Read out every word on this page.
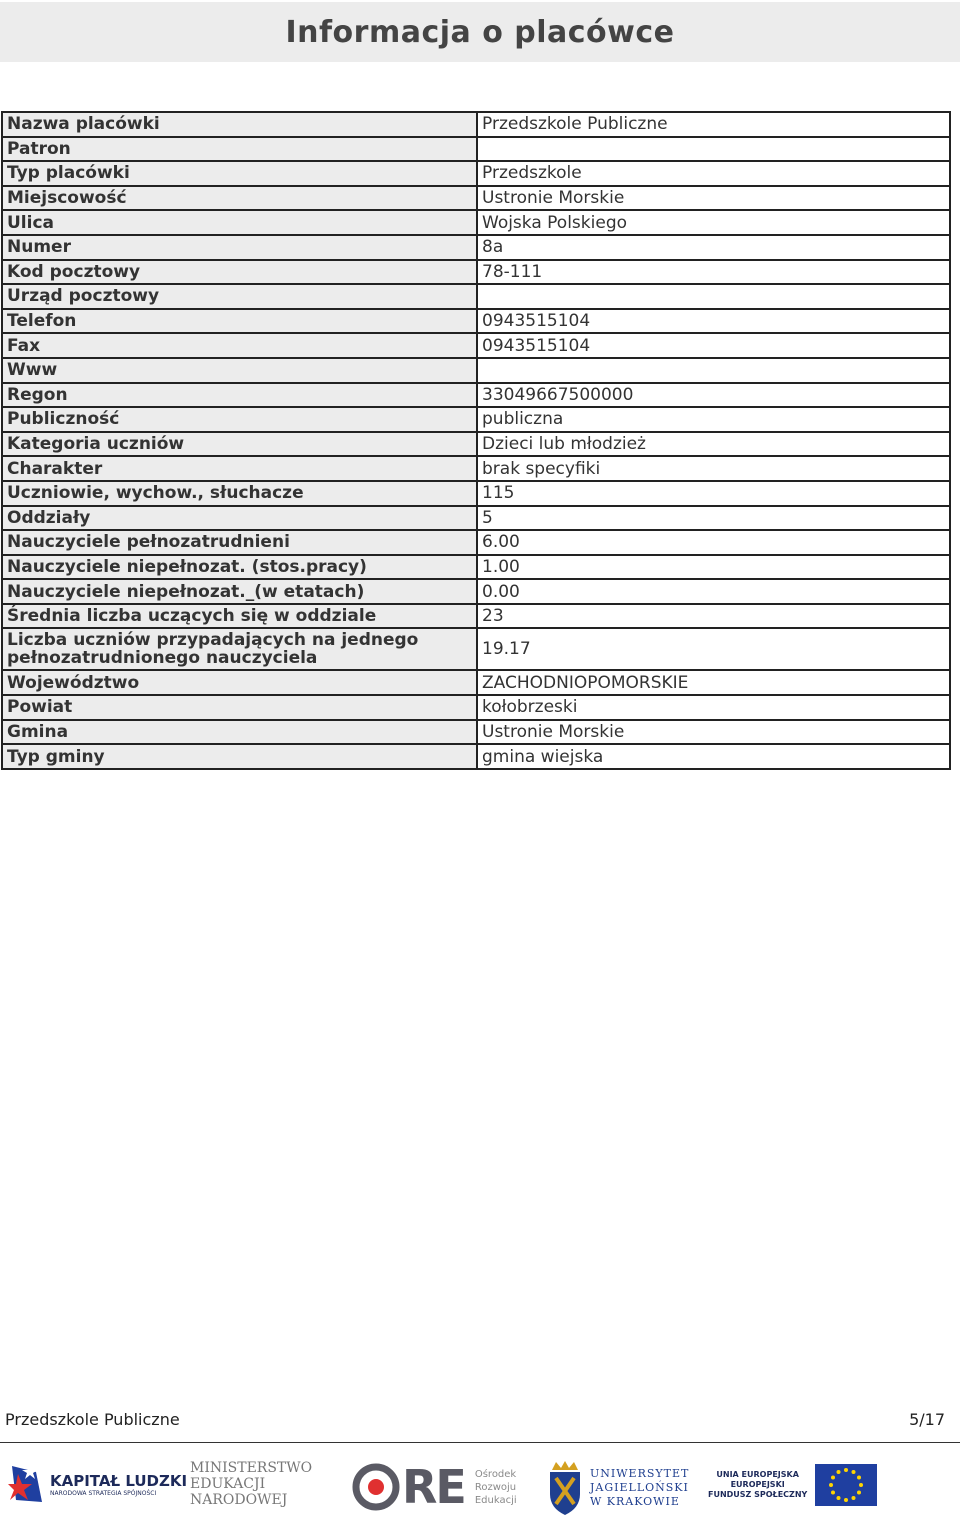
Informacja o placówce
Nazwa placówki	Przedszkole Publiczne
Patron	
Typ placówki	Przedszkole
Miejscowość	Ustronie Morskie
Ulica	Wojska Polskiego
Numer	8a
Kod pocztowy	78-111
Urząd pocztowy	
Telefon	0943515104
Fax	0943515104
Www	
Regon	33049667500000
Publiczność	publiczna
Kategoria uczniów	Dzieci lub młodzież
Charakter	brak specyfiki
Uczniowie, wychow., słuchacze	115
Oddziały	5
Nauczyciele pełnozatrudnieni	6.00
Nauczyciele niepełnozat. (stos.pracy)	1.00
Nauczyciele niepełnozat._(w etatach)	0.00
Średnia liczba uczących się w oddziale	23
Liczba uczniów przypadających na jednego pełnozatrudnionego nauczyciela	19.17
Województwo	ZACHODNIOPOMORSKIE
Powiat	kołobrzeski
Gmina	Ustronie Morskie
Typ gminy	gmina wiejska
Przedszkole Publiczne	5/17
KAPITAŁ LUDZKI
NARODOWA STRATEGIA SPÓJNOŚCI
MINISTERSTWO
EDUKACJI
NARODOWEJ	RE Ośrodek
Rozwoju
Edukacji
UNIWERSYTET
JAGIELLOŃSKI
W KRAKOWIE
UNIA EUROPEJSKA
EUROPEJSKI
FUNDUSZ SPOŁECZNY
